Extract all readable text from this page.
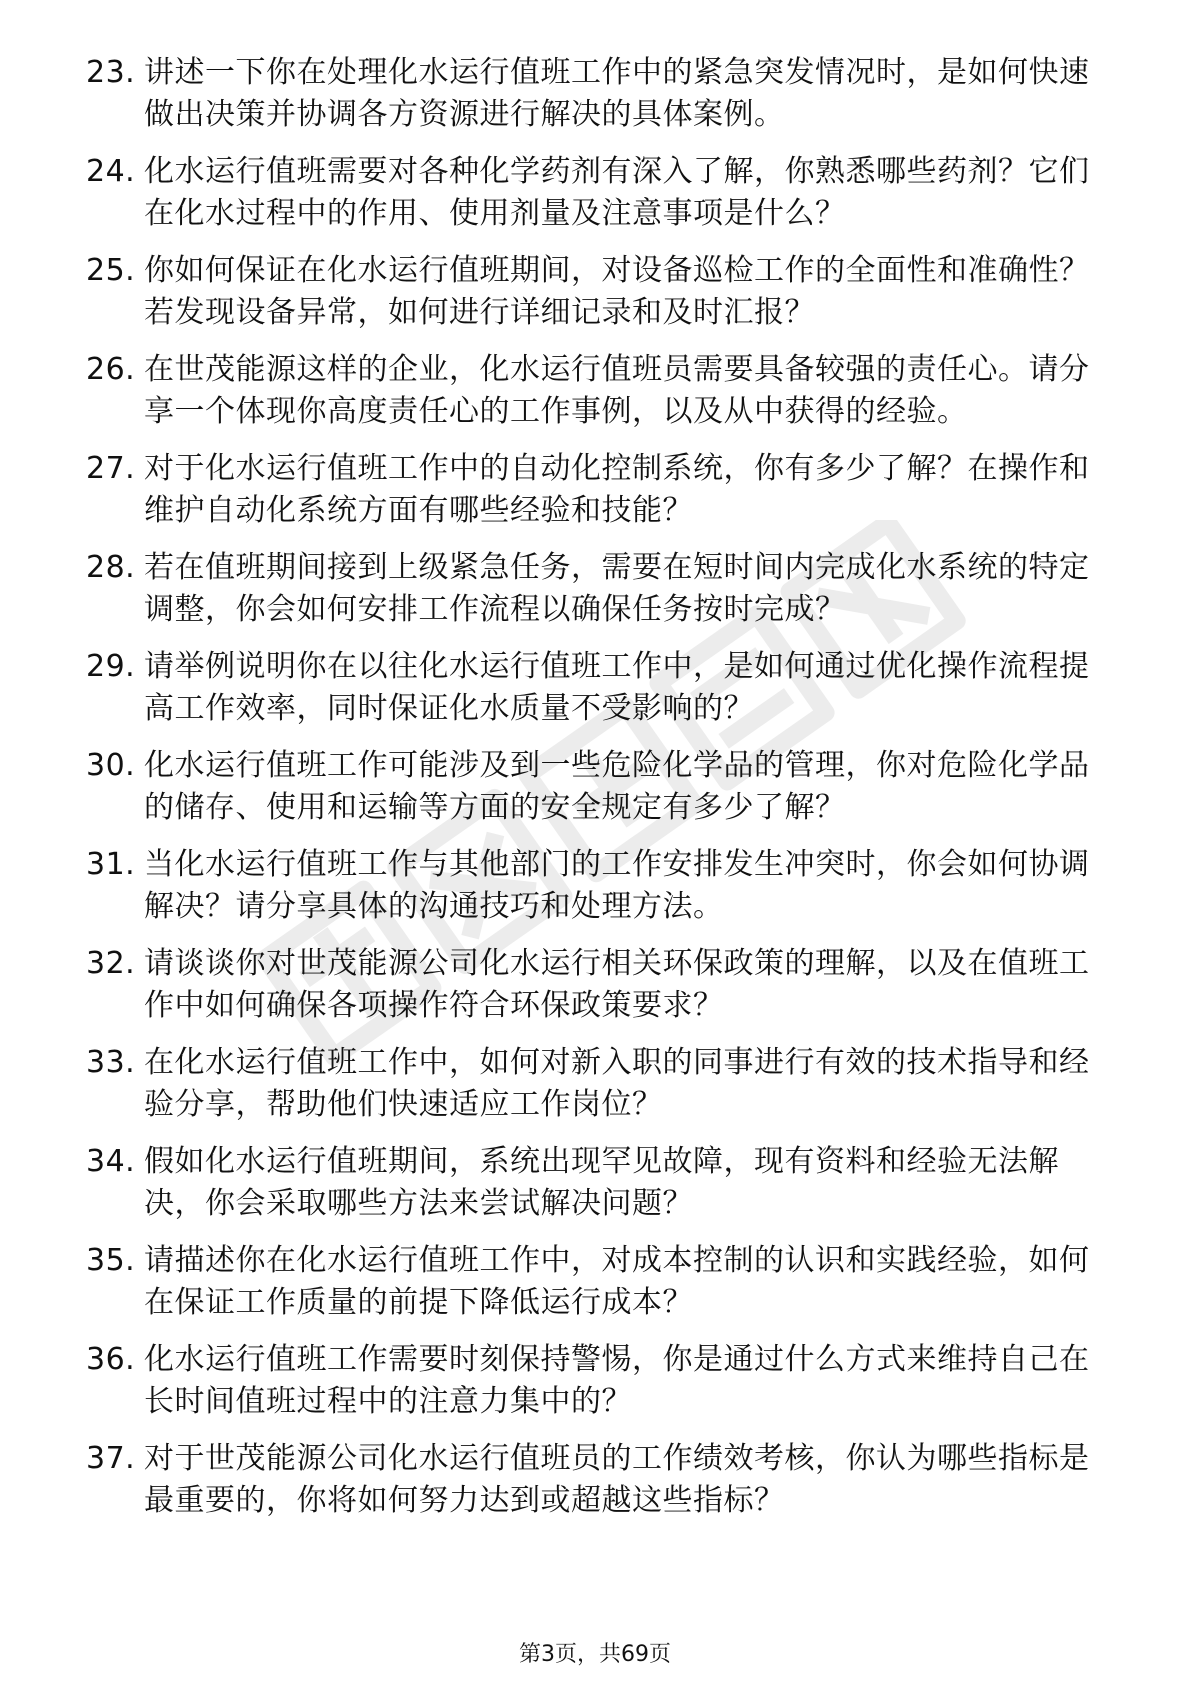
23. 讲述一下你在处理化水运行值班工作中的紧急突发情况时，是如何快速做出决策并协调各方资源进行解决的具体案例。
24. 化水运行值班需要对各种化学药剂有深入了解，你熟悉哪些药剂？它们在化水过程中的作用、使用剂量及注意事项是什么？
25. 你如何保证在化水运行值班期间，对设备巡检工作的全面性和准确性？若发现设备异常，如何进行详细记录和及时汇报？
26. 在世茂能源这样的企业，化水运行值班员需要具备较强的责任心。请分享一个体现你高度责任心的工作事例，以及从中获得的经验。
27. 对于化水运行值班工作中的自动化控制系统，你有多少了解？在操作和维护自动化系统方面有哪些经验和技能？
28. 若在值班期间接到上级紧急任务，需要在短时间内完成化水系统的特定调整，你会如何安排工作流程以确保任务按时完成？
29. 请举例说明你在以往化水运行值班工作中，是如何通过优化操作流程提高工作效率，同时保证化水质量不受影响的？
30. 化水运行值班工作可能涉及到一些危险化学品的管理，你对危险化学品的储存、使用和运输等方面的安全规定有多少了解？
31. 当化水运行值班工作与其他部门的工作安排发生冲突时，你会如何协调解决？请分享具体的沟通技巧和处理方法。
32. 请谈谈你对世茂能源公司化水运行相关环保政策的理解，以及在值班工作中如何确保各项操作符合环保政策要求？
33. 在化水运行值班工作中，如何对新入职的同事进行有效的技术指导和经验分享，帮助他们快速适应工作岗位？
34. 假如化水运行值班期间，系统出现罕见故障，现有资料和经验无法解决，你会采取哪些方法来尝试解决问题？
35. 请描述你在化水运行值班工作中，对成本控制的认识和实践经验，如何在保证工作质量的前提下降低运行成本？
36. 化水运行值班工作需要时刻保持警惕，你是通过什么方式来维持自己在长时间值班过程中的注意力集中的？
37. 对于世茂能源公司化水运行值班员的工作绩效考核，你认为哪些指标是最重要的，你将如何努力达到或超越这些指标？
第3页，共69页
